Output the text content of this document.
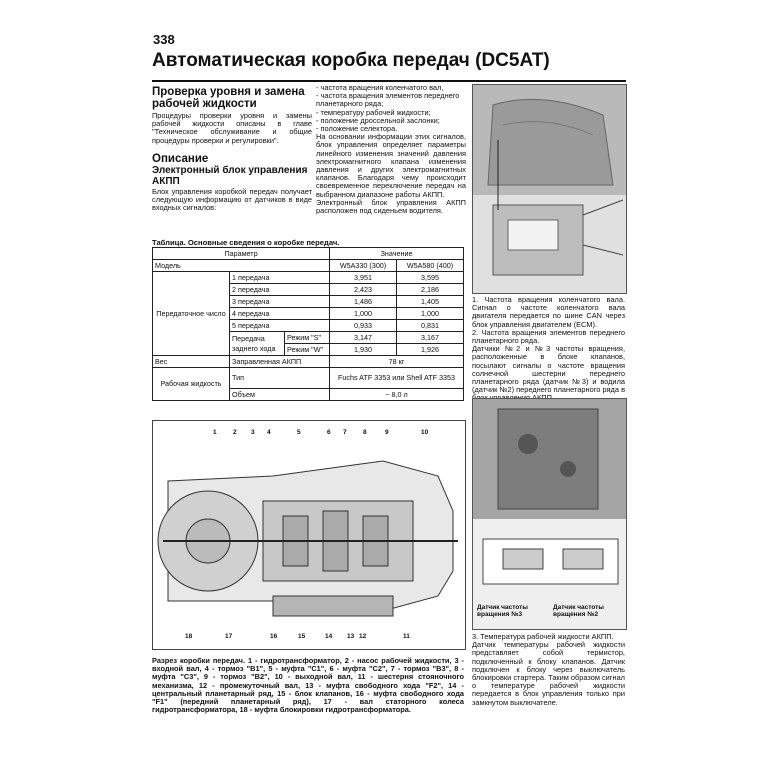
338
Автоматическая коробка передач (DC5AT)

Проверка уровня и замена рабочей жидкости

Процедуры проверки уровня и замены рабочей жидкости описаны в главе "Техническое обслуживание и общие процедуры проверки и регулировки".

Описание

Электронный блок управления АКПП

Блок управления коробкой передач получает следующую информацию от датчиков в виде входных сигналов:

- частота вращения коленчатого вал,
- частота вращения элементов переднего планетарного ряда;
- температуру рабочей жидкости;
- положение дроссельной заслонки;
- положение селектора.

На основании информации этих сигналов, блок управления определяет параметры линейного изменения значений давления электромагнитного клапана изменения давления и других электромагнитных клапанов. Благодаря чему происходит своевременное переключение передач на выбранном диапазоне работы АКПП.

Электронный блок управления АКПП расположен под сиденьем водителя.

Таблица. Основные сведения о коробке передач.
Параметр			Значение	
Модель			W5A330 (300)	W5A580 (400)
Передаточное число	1 передача		3,951	3,595
	2 передача		2,423	2,186
	3 передача		1,486	1,405
	4 передача		1,000	1,000
	5 передача		0,933	0,831
	Передача заднего хода	Режим "S"	3,147	3,167
		Режим "W"	1,930	1,926
Вес	Заправленная АКПП		78 кг	
Рабочая жидкость	Тип		Fuchs ATF 3353 или Shell ATF 3353	
	Объем		~ 8,0 л	

1. Частота вращения коленчатого вала. Сигнал о частоте коленчатого вала двигателя передается по шине CAN через блок управления двигателем (ECM).

2. Частота вращения элементов переднего планетарного ряда.

Датчики №2 и №3 частоты вращения, расположенные в блоке клапанов, посылают сигналы о частоте вращения солнечной шестерни переднего планетарного ряда (датчик №3) и водила (датчик №2) переднего планетарного ряда в

Датчик частоты вращения №3
Датчик частоты вращения №2

3. Температура рабочей жидкости АКПП.

Датчик температуры рабочей жидкости представляет собой термистор, подключенный к блоку клапанов. Датчик подключен к блоку через выключатель блокировки стартера. Таким образом сигнал о температуре рабочей жидкости передается в блок управления только при замкнутом выключателе.

1	2 3 4	5	6 7	8	9	10
18	17	16	15	14 13 12	11

Разрез коробки передач. 1 - гидротрансформатор, 2 - насос рабочей жидкости, 3 - входной вал, 4 - тормоз "B1", 5 - муфта "C1", 6 - муфта "C2", 7 - тормоз "B3", 8 - муфта "C3", 9 - тормоз "B2", 10 - выходной вал, 11 - шестерня стояночного механизма, 12 - промежуточный вал, 13 - муфта свободного хода "F2", 14 - центральный планетарный ряд, 15 - блок клапанов, 16 - муфта свободного хода "F1" (передний планетарный ряд), 17 - вал статорного колеса гидротрансформатора, 18 - муфта блокировки гидротрансформатора.
